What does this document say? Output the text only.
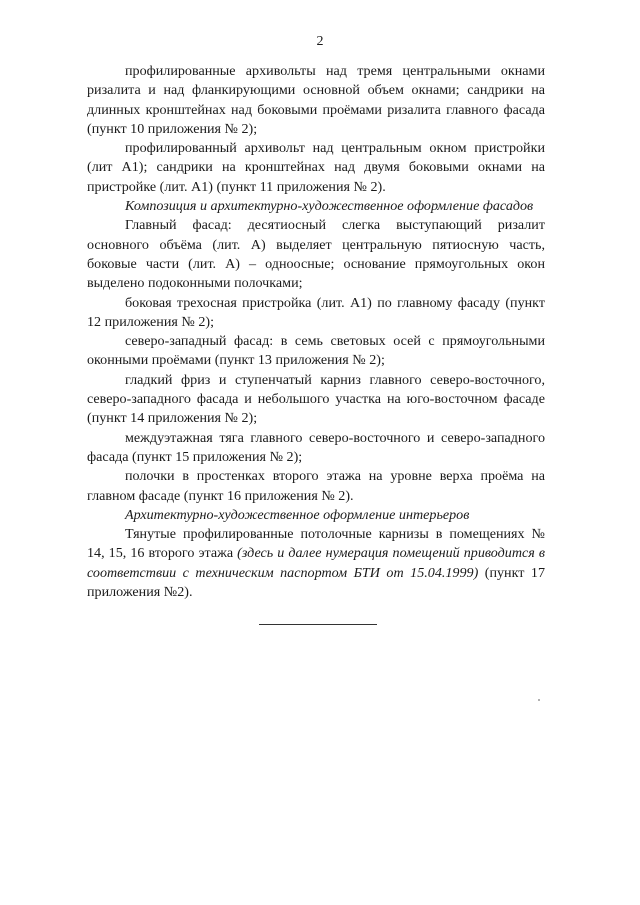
2

профилированные архивольты над тремя центральными окнами ризалита и над фланкирующими основной объем окнами; сандрики на длинных кронштейнах над боковыми проёмами ризалита главного фасада (пункт 10 приложения № 2);

профилированный архивольт над центральным окном пристройки (лит А1); сандрики на кронштейнах над двумя боковыми окнами на пристройке (лит. А1) (пункт 11 приложения № 2).

Композиция и архитектурно-художественное оформление фасадов

Главный фасад: десятиосный слегка выступающий ризалит основного объёма (лит. А) выделяет центральную пятиосную часть, боковые части (лит. А) – одноосные; основание прямоугольных окон выделено подоконными полочками;

боковая трехосная пристройка (лит. А1) по главному фасаду (пункт 12 приложения № 2);

северо-западный фасад: в семь световых осей с прямоугольными оконными проёмами (пункт 13 приложения № 2);

гладкий фриз и ступенчатый карниз главного северо-восточного, северо-западного фасада и небольшого участка на юго-восточном фасаде (пункт 14 приложения № 2);

междуэтажная тяга главного северо-восточного и северо-западного фасада (пункт 15 приложения № 2);

полочки в простенках второго этажа на уровне верха проёма на главном фасаде (пункт 16 приложения № 2).

Архитектурно-художественное оформление интерьеров

Тянутые профилированные потолочные карнизы в помещениях № 14, 15, 16 второго этажа (здесь и далее нумерация помещений приводится в соответствии с техническим паспортом БТИ от 15.04.1999) (пункт 17 приложения №2).
